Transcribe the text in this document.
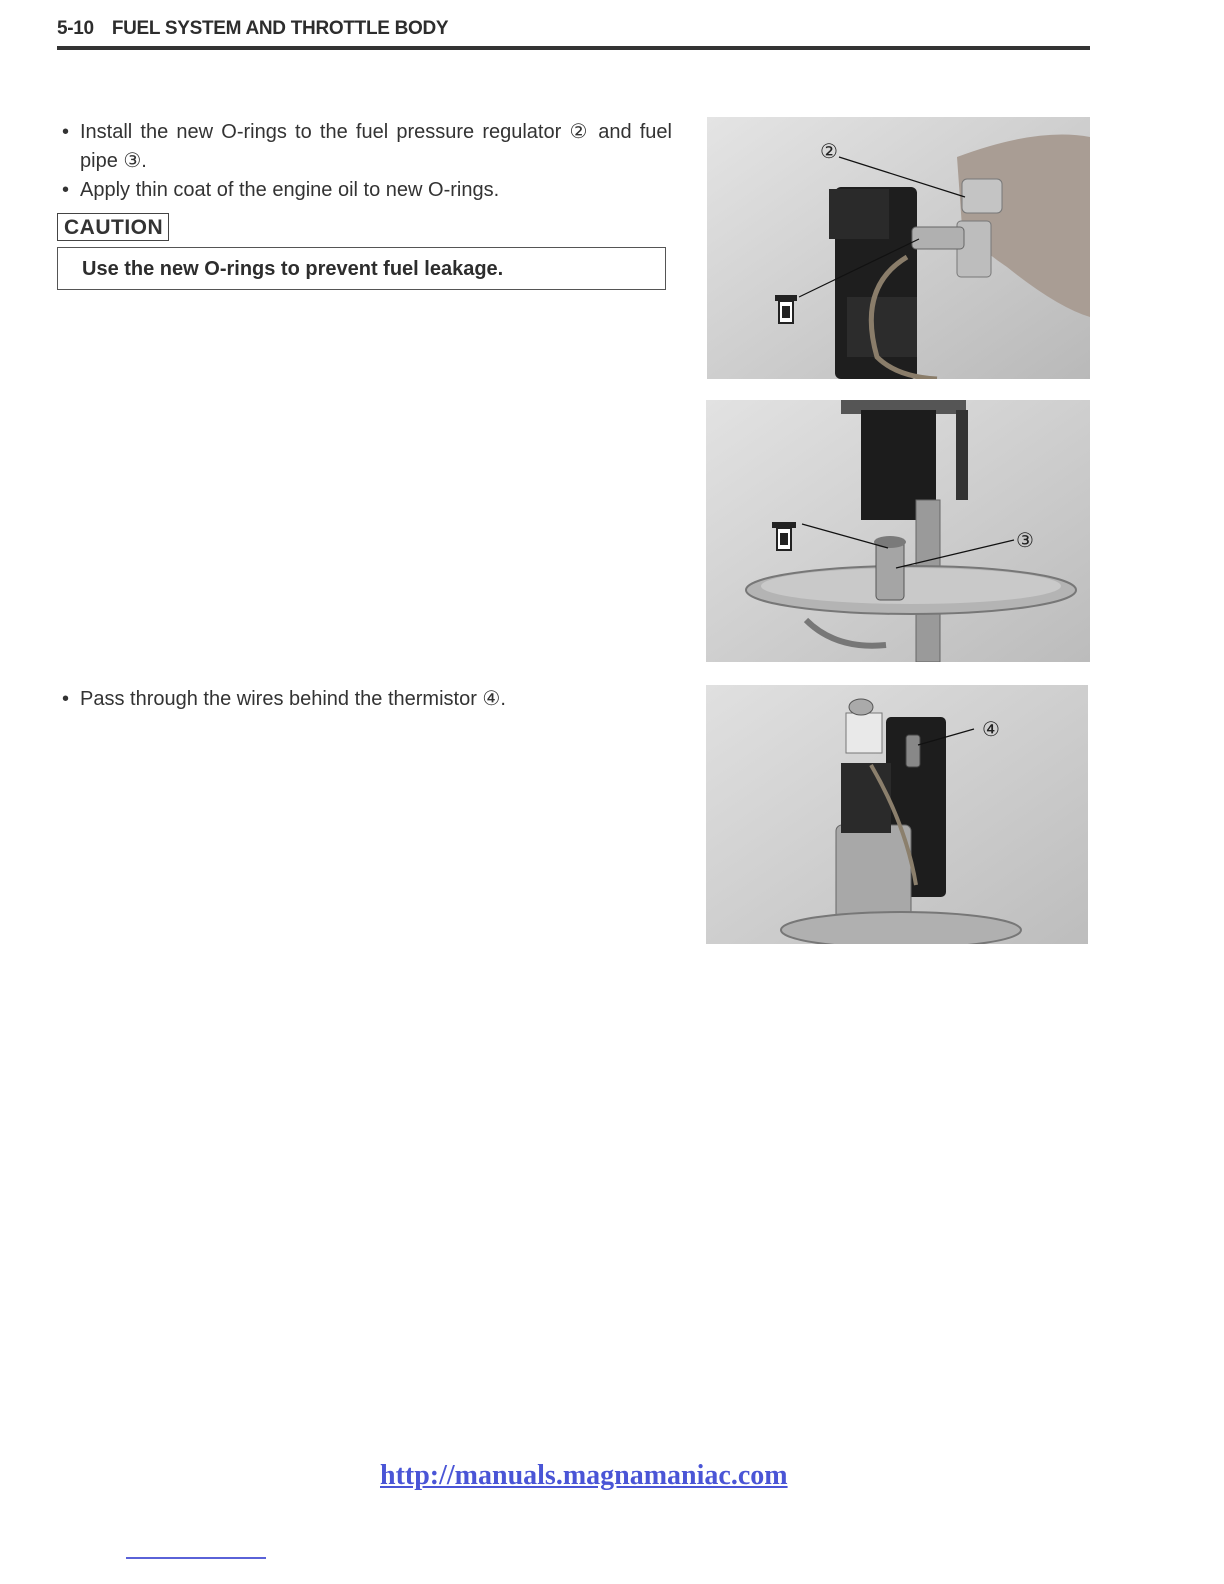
5-10 FUEL SYSTEM AND THROTTLE BODY
• Install the new O-rings to the fuel pressure regulator ② and fuel pipe ③.
• Apply thin coat of the engine oil to new O-rings.
CAUTION
Use the new O-rings to prevent fuel leakage.
• Pass through the wires behind the thermistor ④.
②
③
④
http://manuals.magnamaniac.com
